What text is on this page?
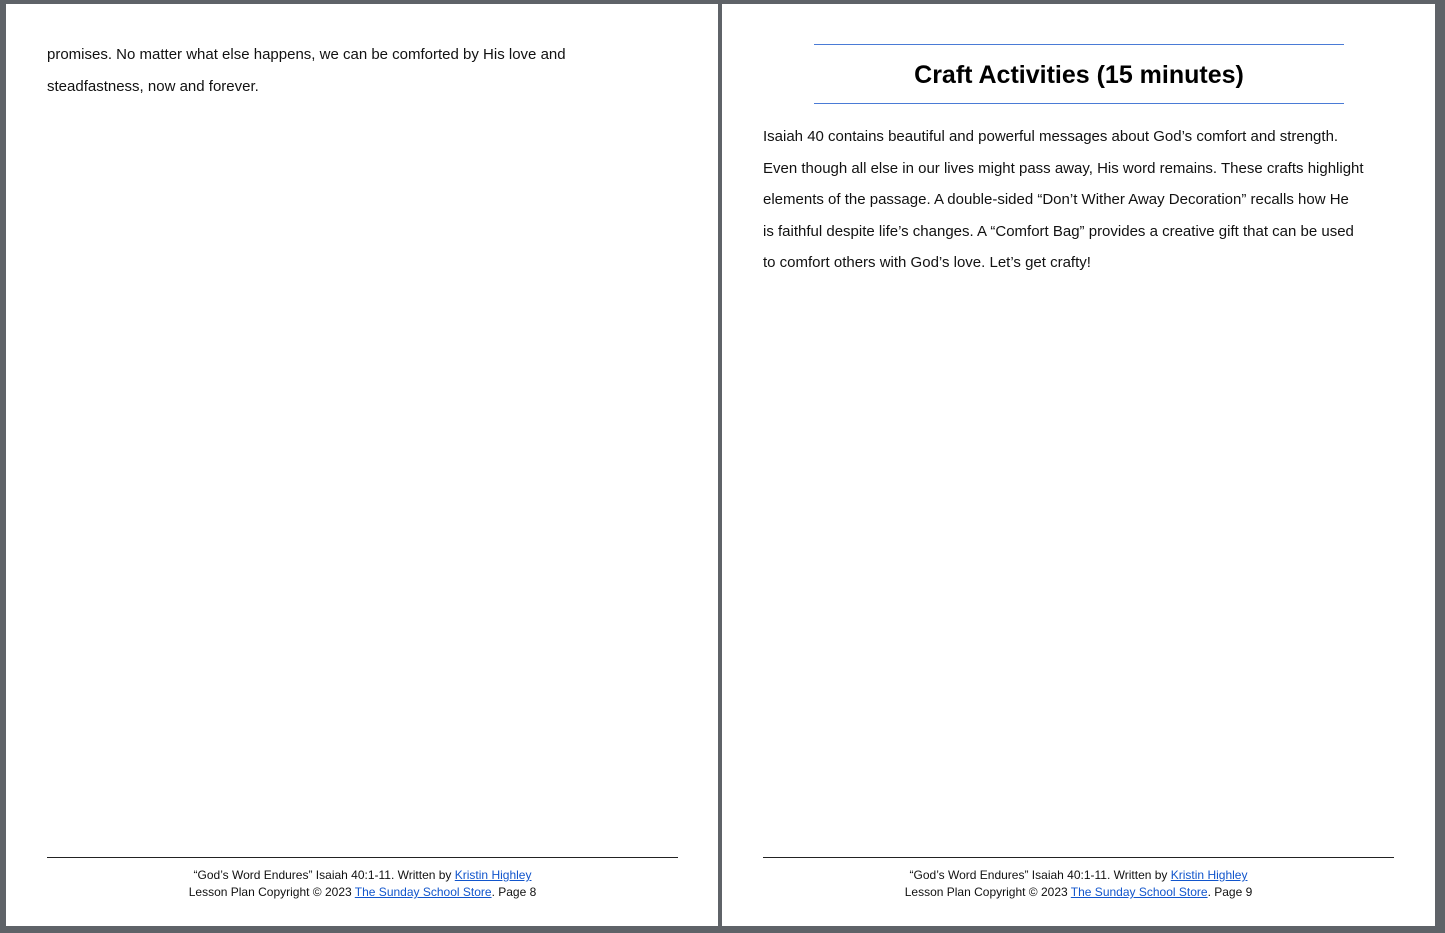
promises. No matter what else happens, we can be comforted by His love and
steadfastness, now and forever.
“God’s Word Endures” Isaiah 40:1-11. Written by Kristin Highley
Lesson Plan Copyright © 2023 The Sunday School Store. Page 8
Craft Activities (15 minutes)
Isaiah 40 contains beautiful and powerful messages about God’s comfort and strength.
Even though all else in our lives might pass away, His word remains. These crafts highlight
elements of the passage. A double-sided “Don’t Wither Away Decoration” recalls how He
is faithful despite life’s changes. A “Comfort Bag” provides a creative gift that can be used
to comfort others with God’s love. Let’s get crafty!
“God’s Word Endures” Isaiah 40:1-11. Written by Kristin Highley
Lesson Plan Copyright © 2023 The Sunday School Store. Page 9
